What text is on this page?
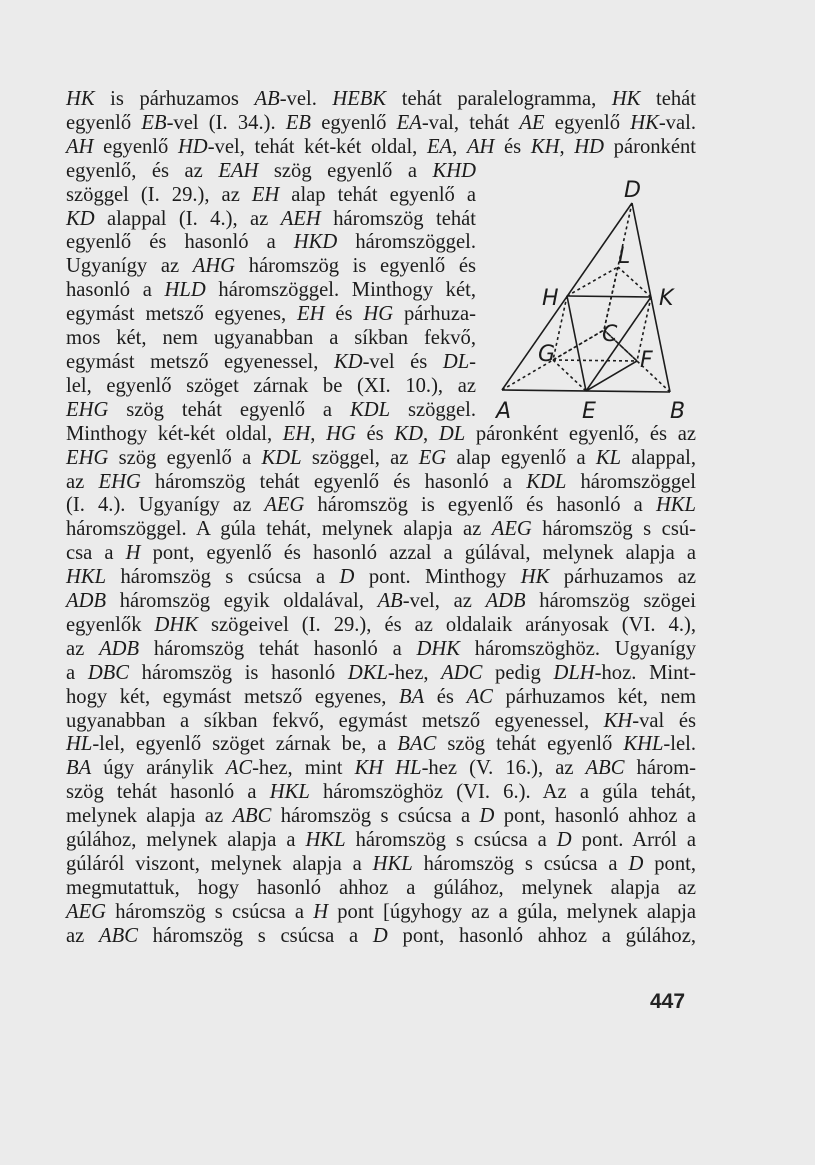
HK is párhuzamos AB-vel. HEBK tehát paralelogramma, HK tehát
egyenlő EB-vel (I. 34.). EB egyenlő EA-val, tehát AE egyenlő HK-val.
AH egyenlő HD-vel, tehát két-két oldal, EA, AH és KH, HD páronként
egyenlő, és az EAH szög egyenlő a KHD
szöggel (I. 29.), az EH alap tehát egyenlő a
KD alappal (I. 4.), az AEH háromszög tehát
egyenlő és hasonló a HKD háromszöggel.
Ugyanígy az AHG háromszög is egyenlő és
hasonló a HLD háromszöggel. Minthogy két,
egymást metsző egyenes, EH és HG párhuza-
mos két, nem ugyanabban a síkban fekvő,
egymást metsző egyenessel, KD-vel és DL-
lel, egyenlő szöget zárnak be (XI. 10.), az
EHG szög tehát egyenlő a KDL szöggel.
Minthogy két-két oldal, EH, HG és KD, DL páronként egyenlő, és az
EHG szög egyenlő a KDL szöggel, az EG alap egyenlő a KL alappal,
az EHG háromszög tehát egyenlő és hasonló a KDL háromszöggel
(I. 4.). Ugyanígy az AEG háromszög is egyenlő és hasonló a HKL
háromszöggel. A gúla tehát, melynek alapja az AEG háromszög s csú-
csa a H pont, egyenlő és hasonló azzal a gúlával, melynek alapja a
HKL háromszög s csúcsa a D pont. Minthogy HK párhuzamos az
ADB háromszög egyik oldalával, AB-vel, az ADB háromszög szögei
egyenlők DHK szögeivel (I. 29.), és az oldalaik arányosak (VI. 4.),
az ADB háromszög tehát hasonló a DHK háromszöghöz. Ugyanígy
a DBC háromszög is hasonló DKL-hez, ADC pedig DLH-hoz. Mint-
hogy két, egymást metsző egyenes, BA és AC párhuzamos két, nem
ugyanabban a síkban fekvő, egymást metsző egyenessel, KH-val és
HL-lel, egyenlő szöget zárnak be, a BAC szög tehát egyenlő KHL-lel.
BA úgy aránylik AC-hez, mint KH HL-hez (V. 16.), az ABC három-
szög tehát hasonló a HKL háromszöghöz (VI. 6.). Az a gúla tehát,
melynek alapja az ABC háromszög s csúcsa a D pont, hasonló ahhoz a
gúlához, melynek alapja a HKL háromszög s csúcsa a D pont. Arról a
gúláról viszont, melynek alapja a HKL háromszög s csúcsa a D pont,
megmutattuk, hogy hasonló ahhoz a gúlához, melynek alapja az
AEG háromszög s csúcsa a H pont [úgyhogy az a gúla, melynek alapja
az ABC háromszög s csúcsa a D pont, hasonló ahhoz a gúlához,
D
L
H	K
C
G	F
A	E	B
447
